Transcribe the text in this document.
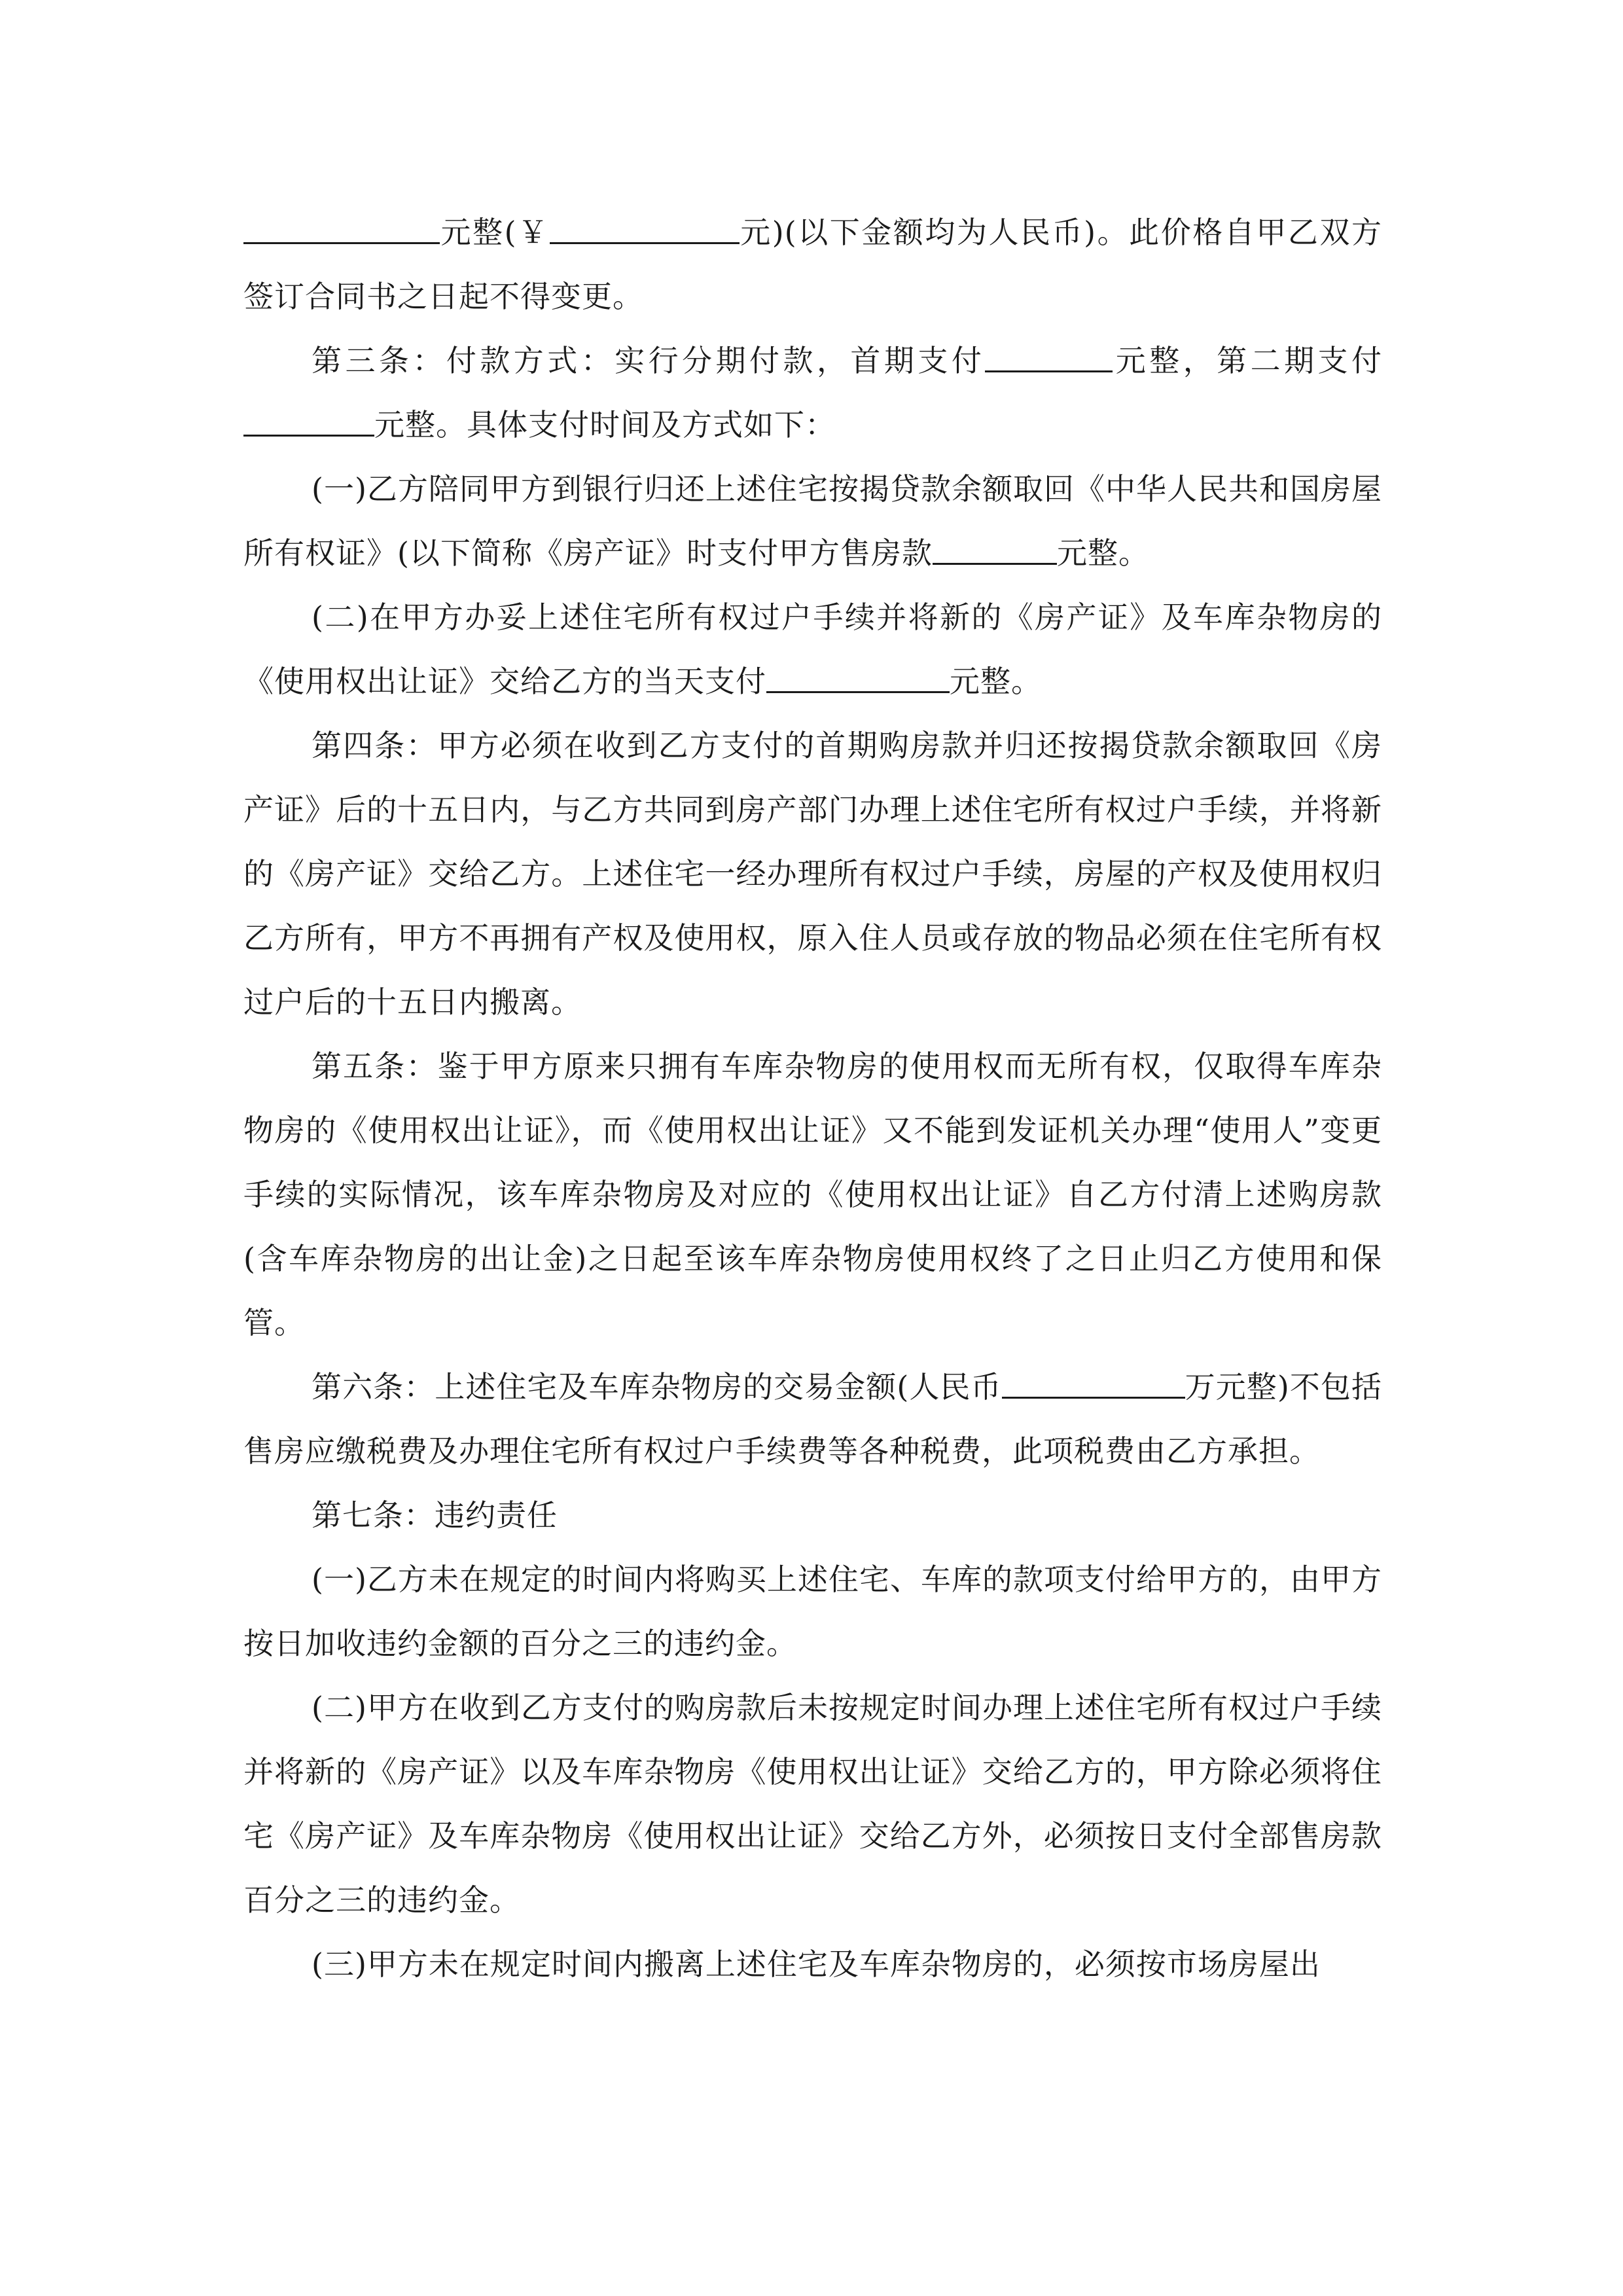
元整(￥	元)(以下金额均为人民币)。此价格自甲乙双方签订合同书之日起不得变更。

第三条：付款方式：实行分期付款，首期支付	元整，第二期支付元整。具体支付时间及方式如下：

(一)乙方陪同甲方到银行归还上述住宅按揭贷款余额取回《中华人民共和国房屋所有权证》(以下简称《房产证》时支付甲方售房款	元整。

(二)在甲方办妥上述住宅所有权过户手续并将新的《房产证》及车库杂物房的《使用权出让证》交给乙方的当天支付	元整。

第四条：甲方必须在收到乙方支付的首期购房款并归还按揭贷款余额取回《房产证》后的十五日内，与乙方共同到房产部门办理上述住宅所有权过户手续，并将新的《房产证》交给乙方。上述住宅一经办理所有权过户手续，房屋的产权及使用权归乙方所有，甲方不再拥有产权及使用权，原入住人员或存放的物品必须在住宅所有权过户后的十五日内搬离。

第五条：鉴于甲方原来只拥有车库杂物房的使用权而无所有权，仅取得车库杂物房的《使用权出让证》，而《使用权出让证》又不能到发证机关办理“使用人”变更手续的实际情况，该车库杂物房及对应的《使用权出让证》自乙方付清上述购房款(含车库杂物房的出让金)之日起至该车库杂物房使用权终了之日止归乙方使用和保管。

第六条：上述住宅及车库杂物房的交易金额(人民币	万元整)不包括售房应缴税费及办理住宅所有权过户手续费等各种税费，此项税费由乙方承担。

第七条：违约责任

(一)乙方未在规定的时间内将购买上述住宅、车库的款项支付给甲方的，由甲方按日加收违约金额的百分之三的违约金。

(二)甲方在收到乙方支付的购房款后未按规定时间办理上述住宅所有权过户手续并将新的《房产证》以及车库杂物房《使用权出让证》交给乙方的，甲方除必须将住宅《房产证》及车库杂物房《使用权出让证》交给乙方外，必须按日支付全部售房款百分之三的违约金。

(三)甲方未在规定时间内搬离上述住宅及车库杂物房的，必须按市场房屋出
